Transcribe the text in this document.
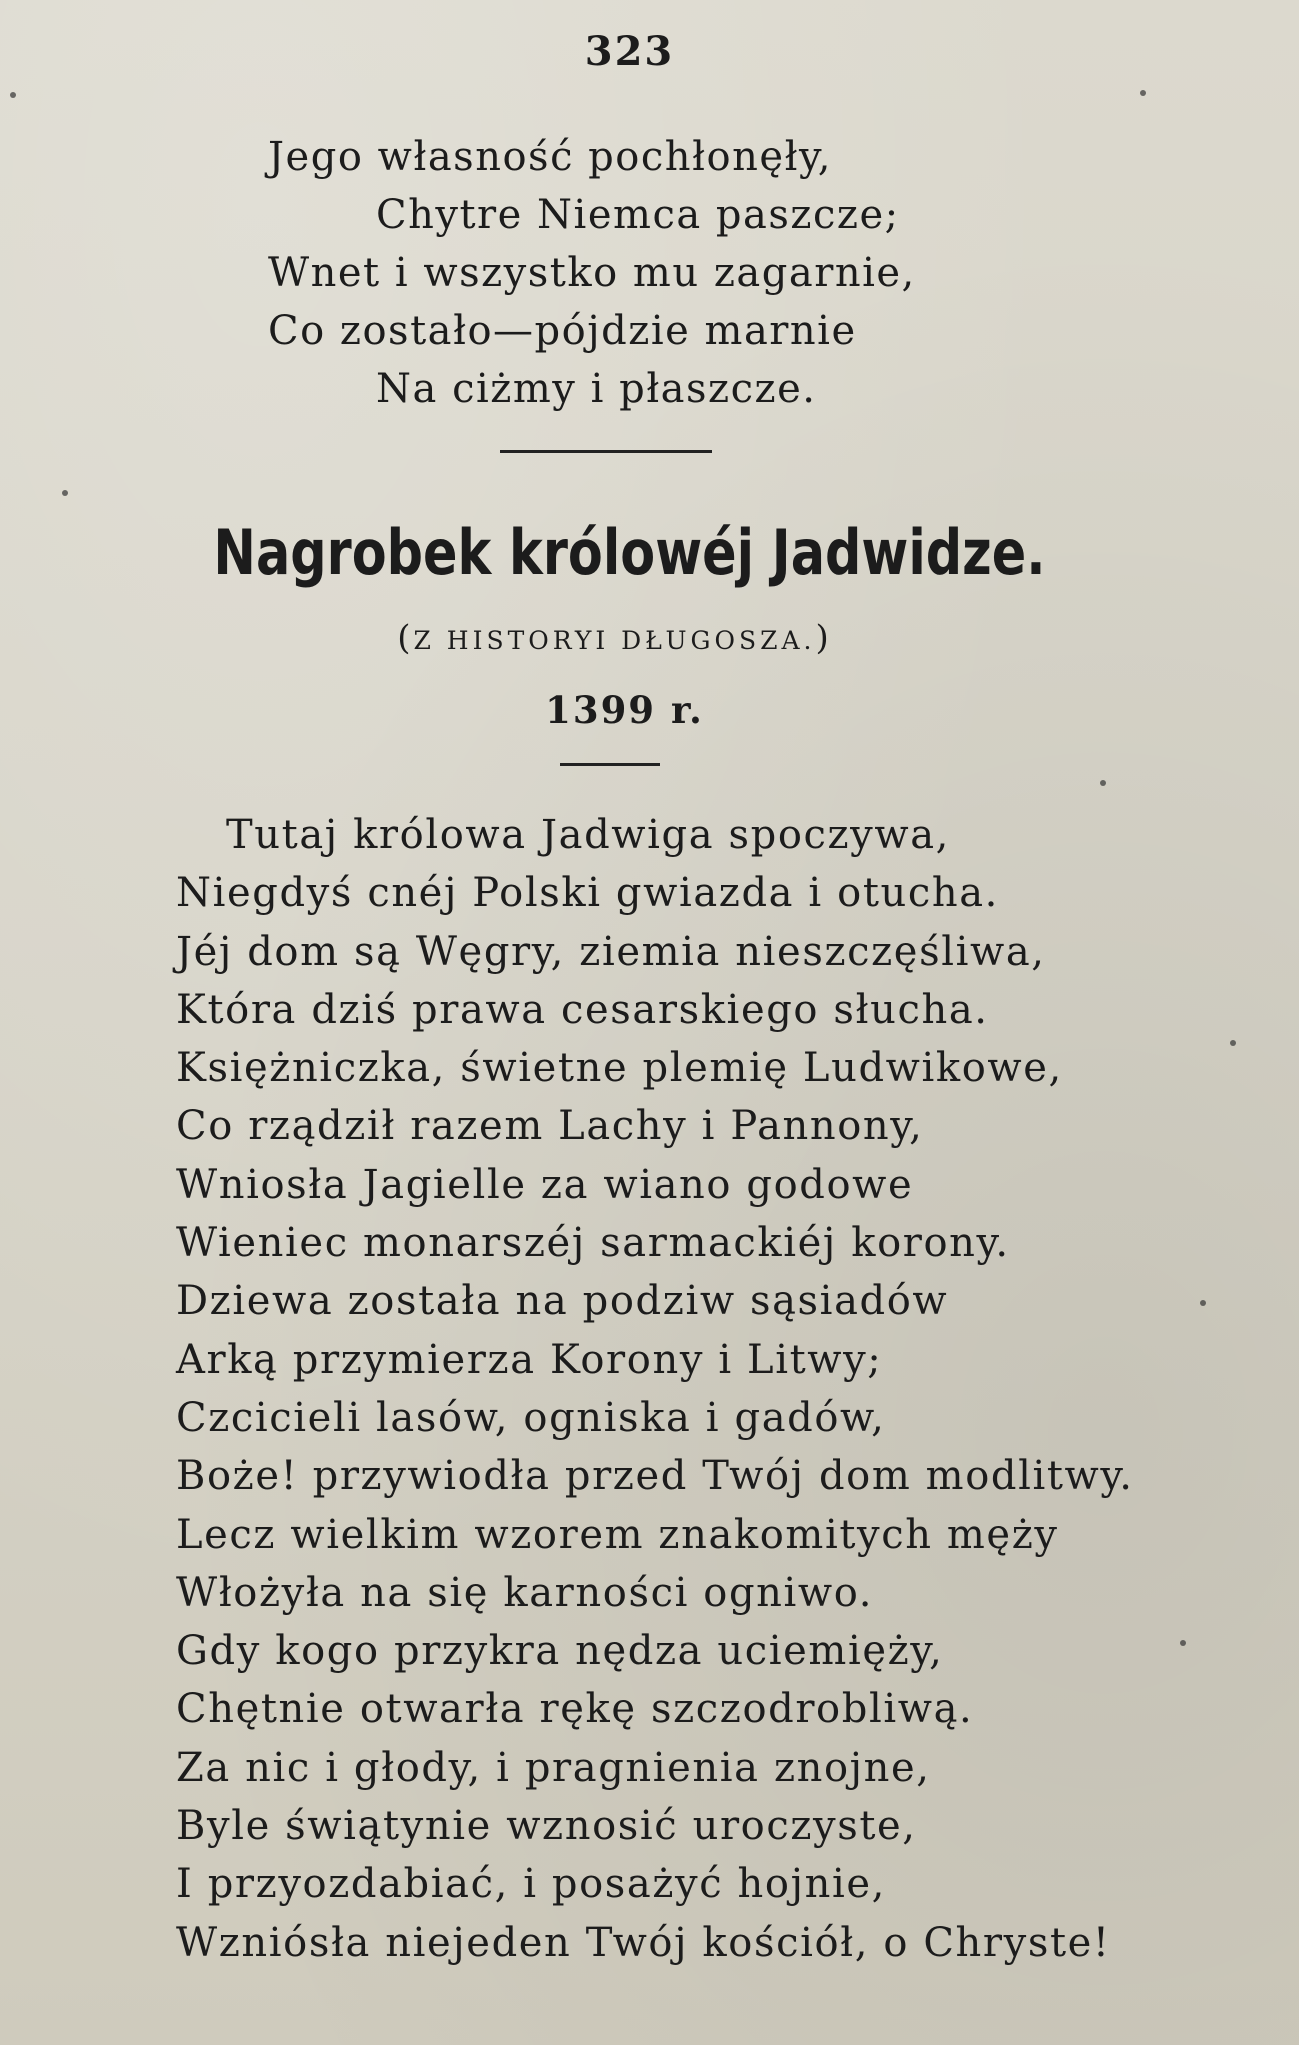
323
Jego własność pochłonęły,
Chytre Niemca paszcze;
Wnet i wszystko mu zagarnie,
Co zostało—pójdzie marnie
Na ciżmy i płaszcze.
Nagrobek królowéj Jadwidze.
(Z HISTORYI DŁUGOSZA.)
1399 r.
Tutaj królowa Jadwiga spoczywa,
Niegdyś cnéj Polski gwiazda i otucha.
Jéj dom są Węgry, ziemia nieszczęśliwa,
Która dziś prawa cesarskiego słucha.
Księżniczka, świetne plemię Ludwikowe,
Co rządził razem Lachy i Pannony,
Wniosła Jagielle za wiano godowe
Wieniec monarszéj sarmackiéj korony.
Dziewa została na podziw sąsiadów
Arką przymierza Korony i Litwy;
Czcicieli lasów, ogniska i gadów,
Boże! przywiodła przed Twój dom modlitwy.
Lecz wielkim wzorem znakomitych męży
Włożyła na się karności ogniwo.
Gdy kogo przykra nędza uciemięży,
Chętnie otwarła rękę szczodrobliwą.
Za nic i głody, i pragnienia znojne,
Byle świątynie wznosić uroczyste,
I przyozdabiać, i posażyć hojnie,
Wzniósła niejeden Twój kościół, o Chryste!
